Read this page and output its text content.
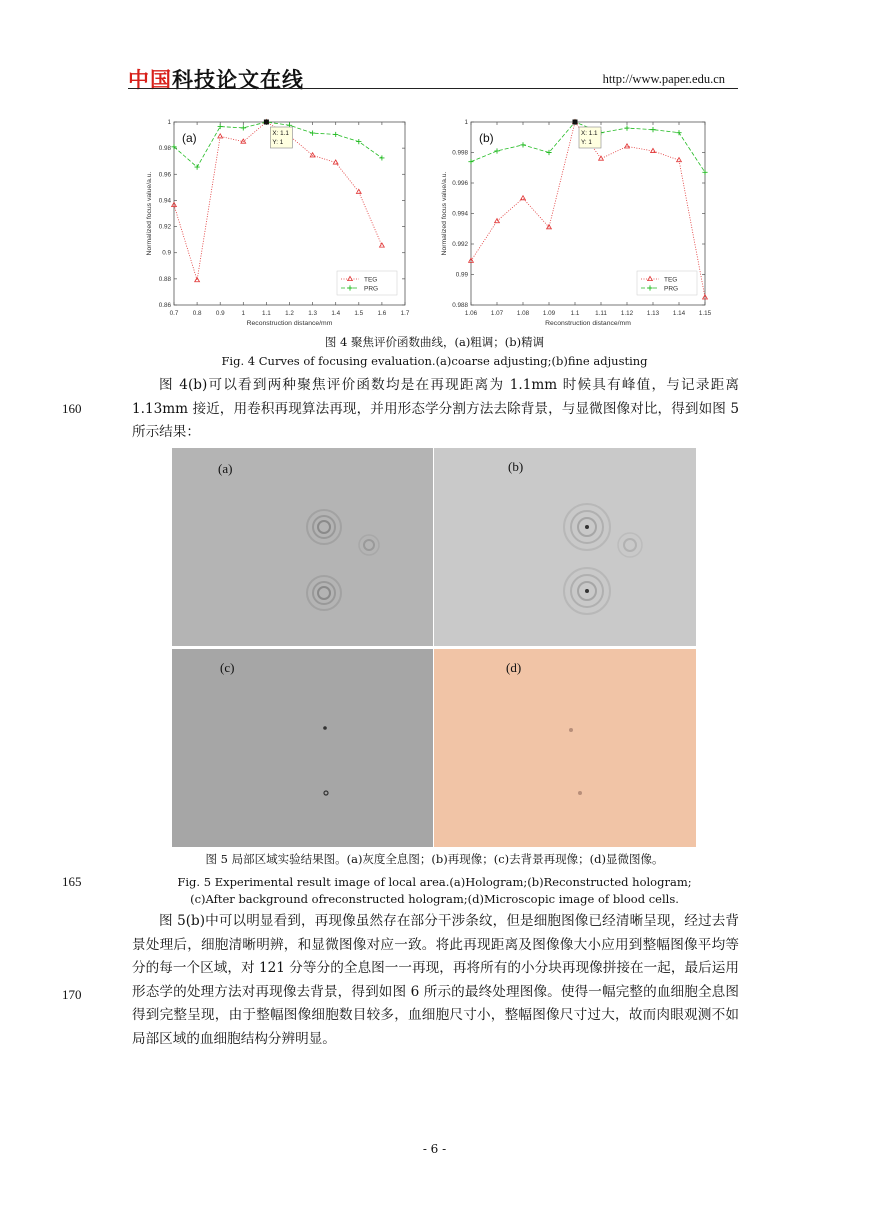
中国科技论文在线	http://www.paper.edu.cn
0.7 0.8 0.9	1	1.1 1.2 1.3 1.4 1.5 1.6 1.7
0.86
0.88
0.9
0.92
0.94
0.96
0.98
1
Reconstruction distance/mm
Normalized focus value/a.u.
(a)	X: 1.1
Y: 1
TEG
PRG
1.06 1.07 1.08 1.09 1.1 1.11 1.12 1.13 1.14 1.15
0.988
0.99
0.992
0.994
0.996
0.998
1
Reconstruction distance/mm
Normalized focus value/a.u.
(b)	X: 1.1
Y: 1
TEG
PRG
图 4 聚焦评价函数曲线，(a)粗调；(b)精调
Fig. 4 Curves of focusing evaluation.(a)coarse adjusting;(b)fine adjusting

图 4(b)可以看到两种聚焦评价函数均是在再现距离为 1.1mm 时候具有峰值，与记录距离 1.13mm 接近，用卷积再现算法再现，并用形态学分割方法去除背景，与显微图像对比，得到如图 5 所示结果：

160
(a)	(b)
(c)	(d)
图 5 局部区域实验结果图。(a)灰度全息图；(b)再现像；(c)去背景再现像；(d)显微图像。
Fig. 5 Experimental result image of local area.(a)Hologram;(b)Reconstructed hologram;
(c)After background ofreconstructed hologram;(d)Microscopic image of blood cells.
165

图 5(b)中可以明显看到，再现像虽然存在部分干涉条纹，但是细胞图像已经清晰呈现，经过去背景处理后，细胞清晰明辨，和显微图像对应一致。将此再现距离及图像像大小应用到整幅图像平均等分的每一个区域，对 121 分等分的全息图一一再现，再将所有的小分块再现像拼接在一起，最后运用形态学的处理方法对再现像去背景，得到如图 6 所示的最终处理图像。使得一幅完整的血细胞全息图得到完整呈现，由于整幅图像细胞数目较多，血细胞尺寸小，整幅图像尺寸过大，故而肉眼观测不如局部区域的血细胞结构分辨明显。

170
- 6 -
